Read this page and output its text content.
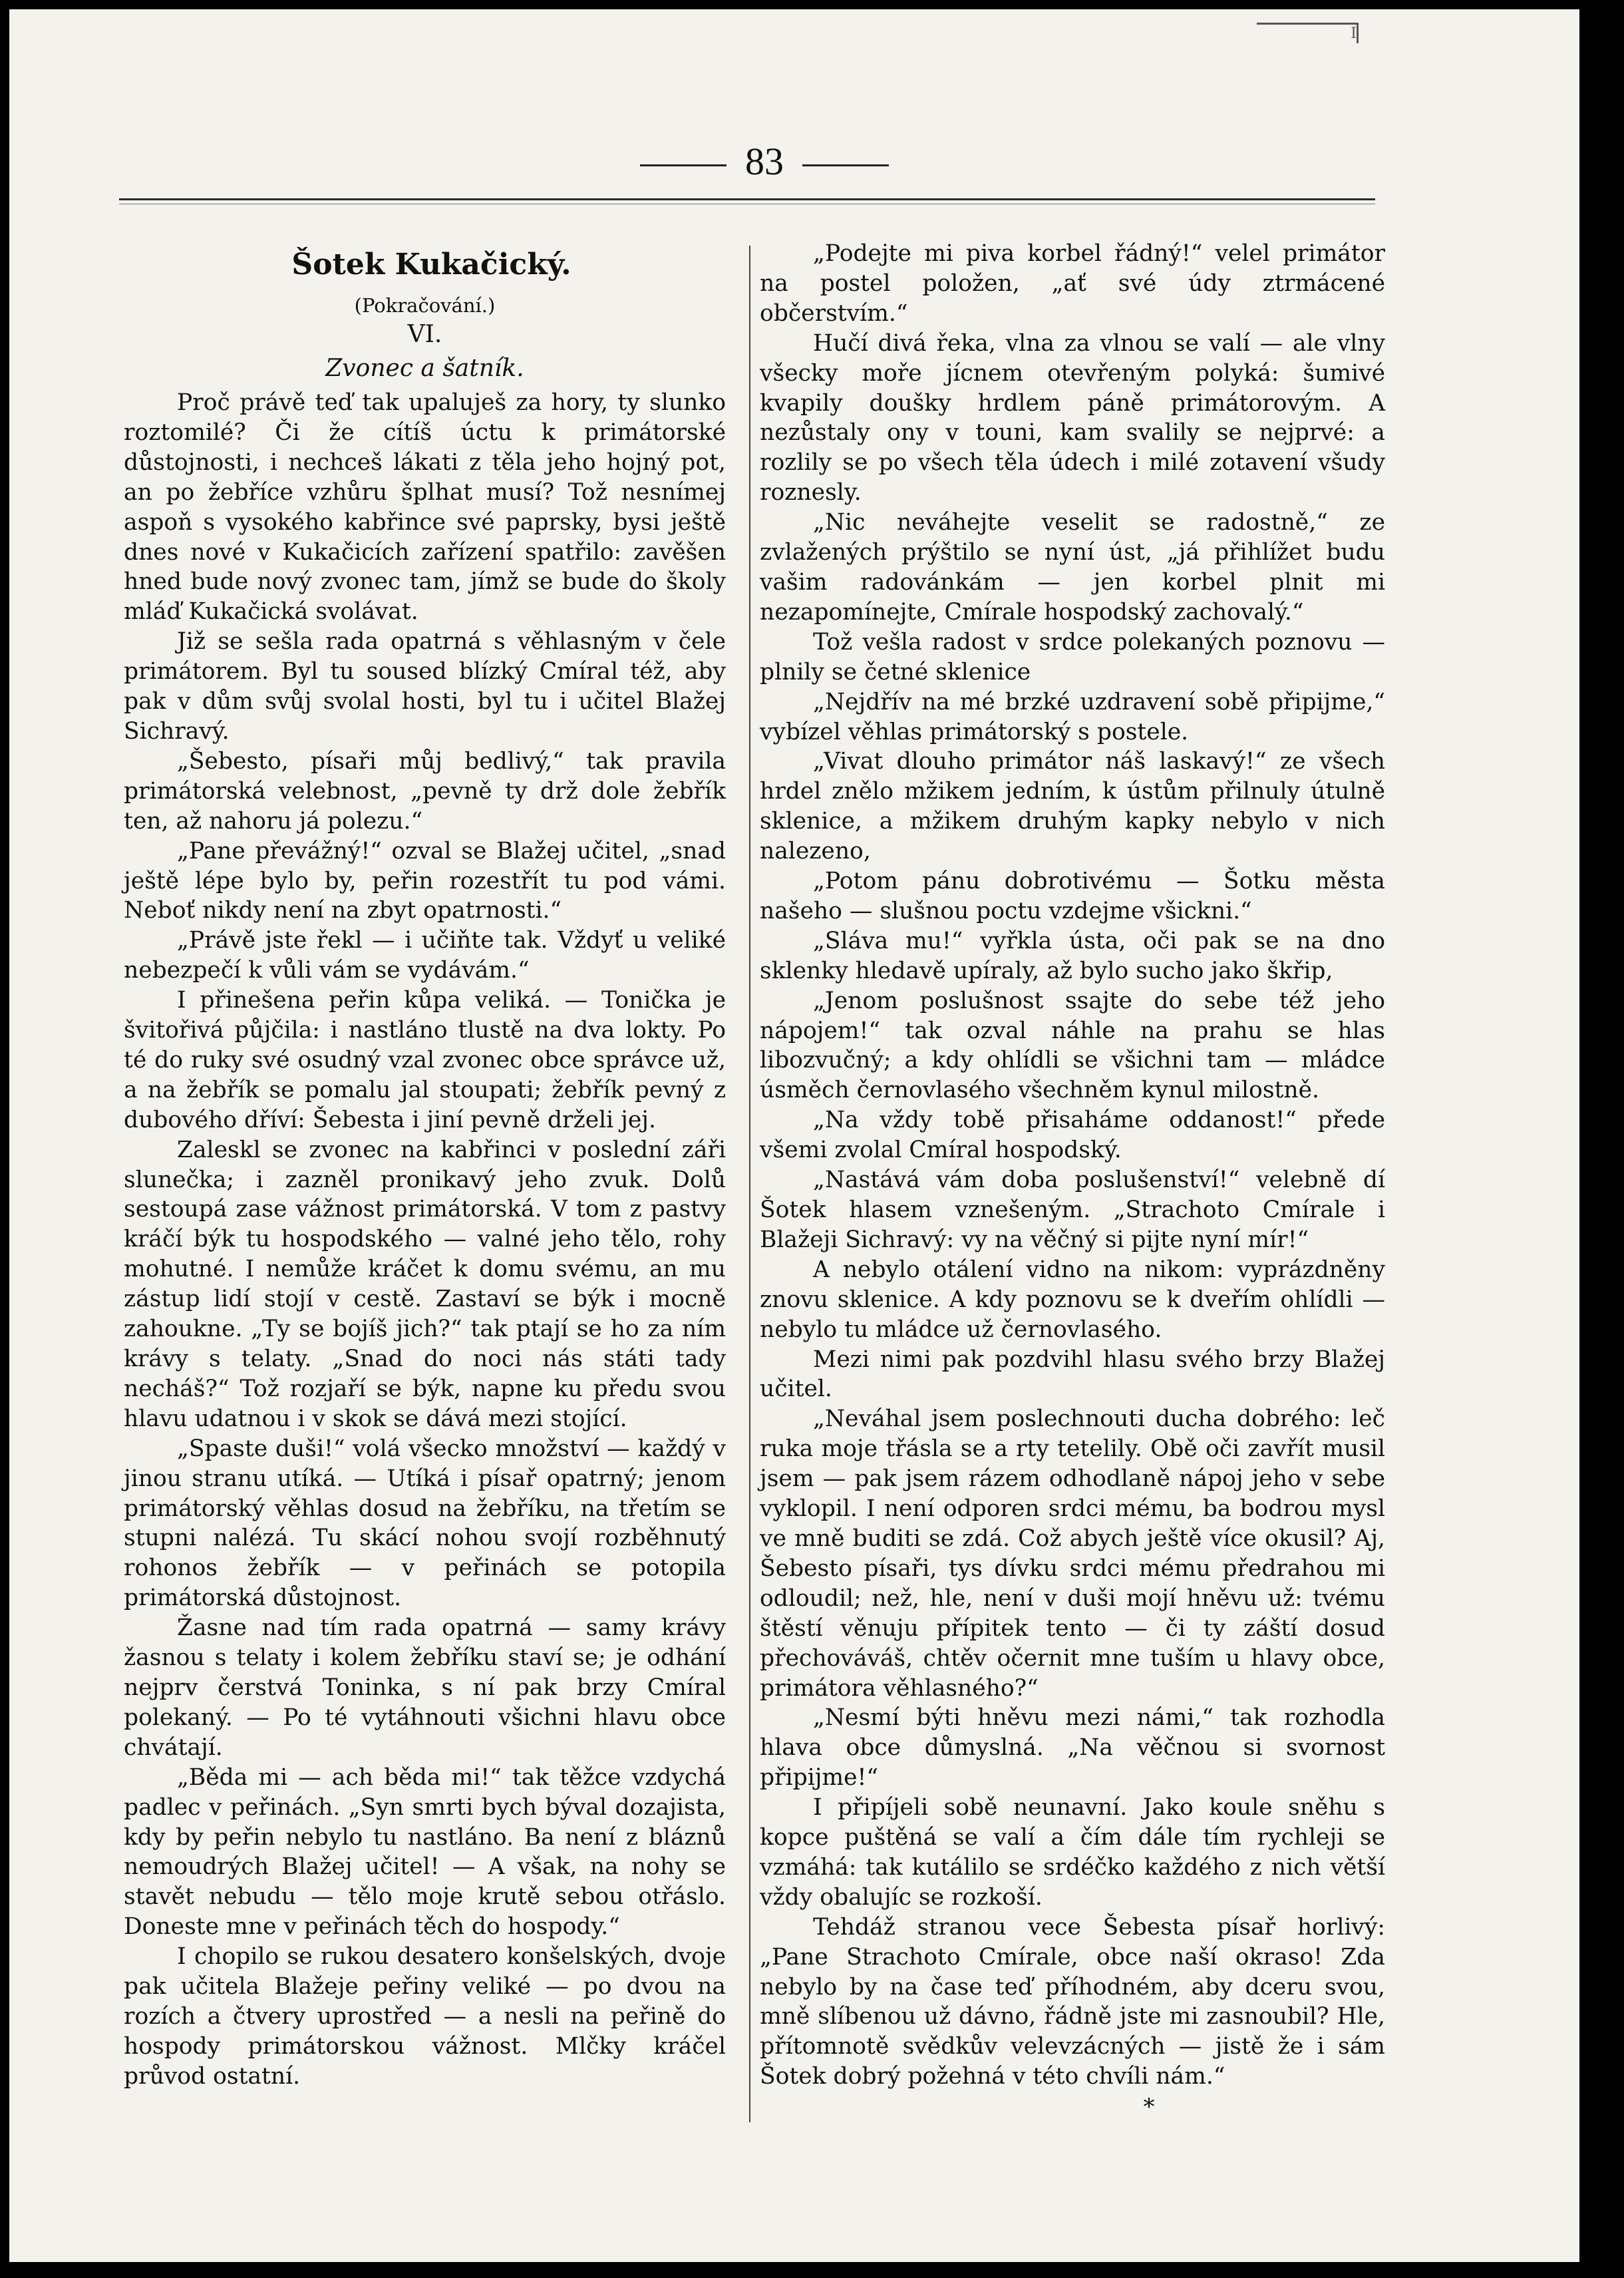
I
83
Šotek Kukačický.
(Pokračování.)
VI.
Zvonec a šatník.

Proč právě teď tak upaluješ za hory, ty slunko roztomilé? Či že cítíš úctu k primátorské důstojnosti, i nechceš lákati z těla jeho hojný pot, an po žebříce vzhůru šplhat musí? Tož nesnímej aspoň s vysokého kabřince své paprsky, bysi ještě dnes nové v Kukačicích zařízení spatřilo: zavěšen hned bude nový zvonec tam, jímž se bude do školy mláď Kukačická svolávat.

Již se sešla rada opatrná s věhlasným v čele primátorem. Byl tu soused blízký Cmíral též, aby pak v dům svůj svolal hosti, byl tu i učitel Blažej Sichravý.

„Šebesto, písaři můj bedlivý,“ tak pravila primátorská velebnost, „pevně ty drž dole žebřík ten, až nahoru já polezu.“

„Pane převážný!“ ozval se Blažej učitel, „snad ještě lépe bylo by, peřin rozestřít tu pod vámi. Neboť nikdy není na zbyt opatrnosti.“

„Právě jste řekl — i učiňte tak. Vždyť u veliké nebezpečí k vůli vám se vydávám.“

I přinešena peřin kůpa veliká. — Tonička je švitořivá půjčila: i nastláno tlustě na dva lokty. Po té do ruky své osudný vzal zvonec obce správce už, a na žebřík se pomalu jal stoupati; žebřík pevný z dubového dříví: Šebesta i jiní pevně drželi jej.

Zaleskl se zvonec na kabřinci v poslední záři slunečka; i zazněl pronikavý jeho zvuk. Dolů sestoupá zase vážnost primátorská. V tom z pastvy kráčí býk tu hospodského — valné jeho tělo, rohy mohutné. I nemůže kráčet k domu svému, an mu zástup lidí stojí v cestě. Zastaví se býk i mocně zahoukne. „Ty se bojíš jich?“ tak ptají se ho za ním krávy s telaty. „Snad do noci nás státi tady necháš?“ Tož rozjaří se býk, napne ku předu svou hlavu udatnou i v skok se dává mezi stojící.

„Spaste duši!“ volá všecko množství — každý v jinou stranu utíká. — Utíká i písař opatrný; jenom primátorský věhlas dosud na žebříku, na třetím se stupni nalézá. Tu skácí nohou svojí rozběhnutý rohonos žebřík — v peřinách se potopila primátorská důstojnost.

Žasne nad tím rada opatrná — samy krávy žasnou s telaty i kolem žebříku staví se; je odhání nejprv čerstvá Toninka, s ní pak brzy Cmíral polekaný. — Po té vytáhnouti všichni hlavu obce chvátají.

„Běda mi — ach běda mi!“ tak těžce vzdychá padlec v peřinách. „Syn smrti bych býval dozajista, kdy by peřin nebylo tu nastláno. Ba není z bláznů nemoudrých Blažej učitel! — A však, na nohy se stavět nebudu — tělo moje krutě sebou otřáslo. Doneste mne v peřinách těch do hospody.“

I chopilo se rukou desatero konšelských, dvoje pak učitela Blažeje peřiny veliké — po dvou na rozích a čtvery uprostřed — a nesli na peřině do hospody primátorskou vážnost. Mlčky kráčel průvod ostatní.

„Podejte mi piva korbel řádný!“ velel primátor na postel položen, „ať své údy ztrmácené občerstvím.“

Hučí divá řeka, vlna za vlnou se valí — ale vlny všecky moře jícnem otevřeným polyká: šumivé kvapily doušky hrdlem páně primátorovým. A nezůstaly ony v touni, kam svalily se nejprvé: a rozlily se po všech těla údech i milé zotavení všudy roznesly.

„Nic neváhejte veselit se radostně,“ ze zvlažených prýštilo se nyní úst, „já přihlížet budu vašim radovánkám — jen korbel plnit mi nezapomínejte, Cmírale hospodský zachovalý.“

Tož vešla radost v srdce polekaných poznovu — plnily se četné sklenice

„Nejdřív na mé brzké uzdravení sobě připijme,“ vybízel věhlas primátorský s postele.

„Vivat dlouho primátor náš laskavý!“ ze všech hrdel znělo mžikem jedním, k ústům přilnuly útulně sklenice, a mžikem druhým kapky nebylo v nich nalezeno,

„Potom pánu dobrotivému — Šotku města našeho — slušnou poctu vzdejme všickni.“

„Sláva mu!“ vyřkla ústa, oči pak se na dno sklenky hledavě upíraly, až bylo sucho jako škřip,

„Jenom poslušnost ssajte do sebe též jeho nápojem!“ tak ozval náhle na prahu se hlas libozvučný; a kdy ohlídli se všichni tam — mládce úsměch černovlasého všechněm kynul milostně.

„Na vždy tobě přisaháme oddanost!“ přede všemi zvolal Cmíral hospodský.

„Nastává vám doba poslušenství!“ velebně dí Šotek hlasem vznešeným. „Strachoto Cmírale i Blažeji Sichravý: vy na věčný si pijte nyní mír!“

A nebylo otálení vidno na nikom: vyprázdněny znovu sklenice. A kdy poznovu se k dveřím ohlídli — nebylo tu mládce už černovlasého.

Mezi nimi pak pozdvihl hlasu svého brzy Blažej učitel.

„Neváhal jsem poslechnouti ducha dobrého: leč ruka moje třásla se a rty tetelily. Obě oči zavřít musil jsem — pak jsem rázem odhodlaně nápoj jeho v sebe vyklopil. I není odporen srdci mému, ba bodrou mysl ve mně buditi se zdá. Což abych ještě více okusil? Aj, Šebesto písaři, tys dívku srdci mému předrahou mi odloudil; než, hle, není v duši mojí hněvu už: tvému štěstí věnuju přípitek tento — či ty záští dosud přechováváš, chtěv očernit mne tuším u hlavy obce, primátora věhlasného?“

„Nesmí býti hněvu mezi námi,“ tak rozhodla hlava obce důmyslná. „Na věčnou si svornost připijme!“

I připíjeli sobě neunavní. Jako koule sněhu s kopce puštěná se valí a čím dále tím rychleji se vzmáhá: tak kutálilo se srdéčko každého z nich větší vždy obalujíc se rozkoší.

Tehdáž stranou vece Šebesta písař horlivý: „Pane Strachoto Cmírale, obce naší okraso! Zda nebylo by na čase teď příhodném, aby dceru svou, mně slíbenou už dávno, řádně jste mi zasnoubil? Hle, přítomnotě svědkův velevzácných — jistě že i sám Šotek dobrý požehná v této chvíli nám.“

*
